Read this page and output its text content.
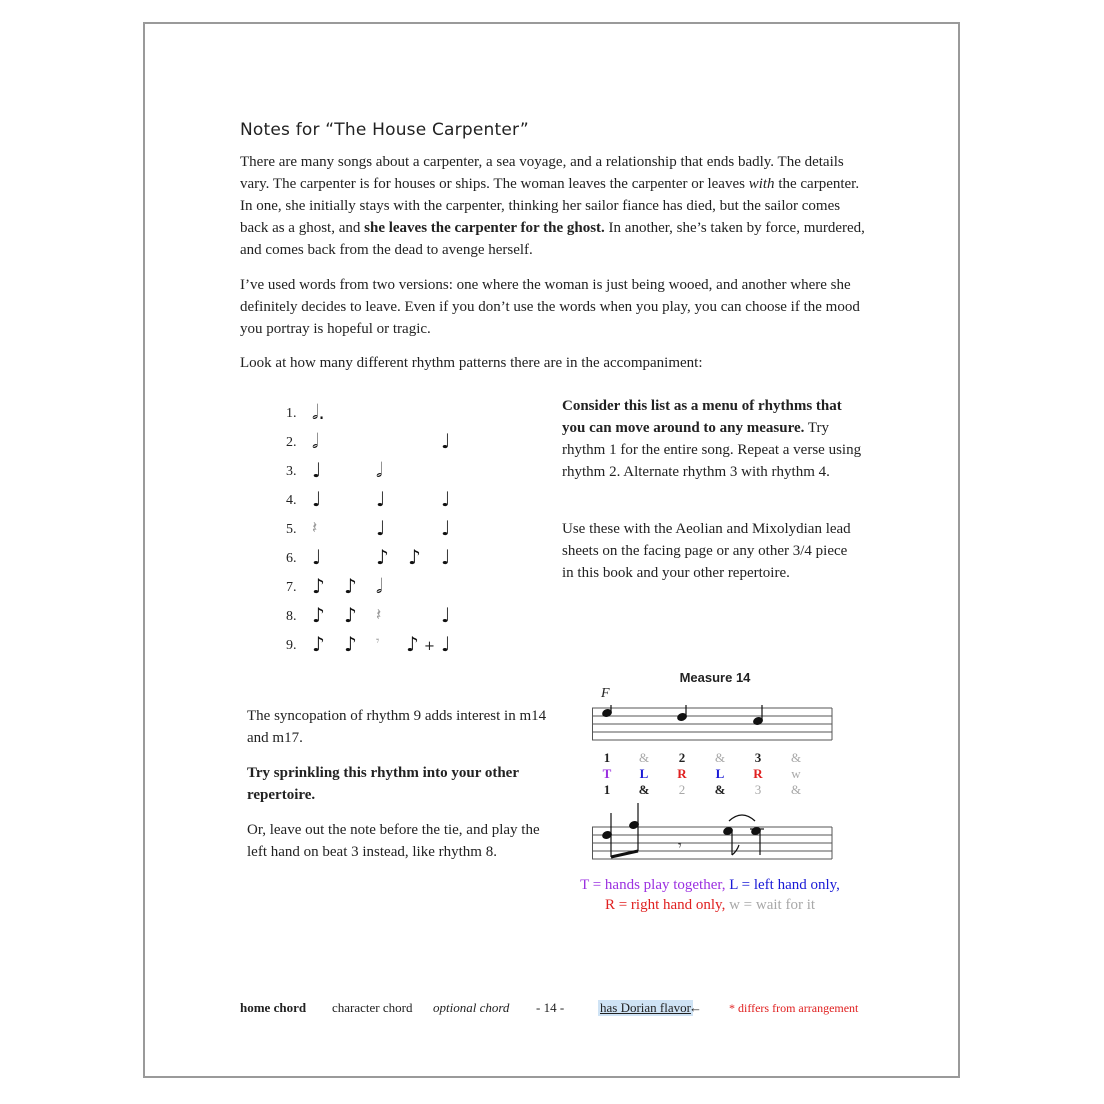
Notes for “The House Carpenter”

There are many songs about a carpenter, a sea voyage, and a relationship that ends badly. The details vary. The carpenter is for houses or ships. The woman leaves the carpenter or leaves with the carpenter. In one, she initially stays with the carpenter, thinking her sailor fiance has died, but the sailor comes back as a ghost, and she leaves the carpenter for the ghost. In another, she’s taken by force, murdered, and comes back from the dead to avenge herself.

I’ve used words from two versions: one where the woman is just being wooed, and another where she definitely decides to leave. Even if you don’t use the words when you play, you can choose if the mood you portray is hopeful or tragic.

Look at how many different rhythm patterns there are in the accompaniment:

1. 𝅗𝅥.
2. 𝅗𝅥	♩
3. ♩	𝅗𝅥
4. ♩	♩	♩
5. 𝄽	♩	♩
6. ♩	♪ ♪ ♩
7. ♪ ♪ 𝅗𝅥
8. ♪ ♪ 𝄽	♩
9. ♪ ♪ 𝄾 ♪ + ♩

Consider this list as a menu of rhythms that you can move around to any measure. Try rhythm 1 for the entire song. Repeat a verse using rhythm 2. Alternate rhythm 3 with rhythm 4.

Use these with the Aeolian and Mixolydian lead sheets on the facing page or any other 3/4 piece in this book and your other repertoire.

The syncopation of rhythm 9 adds interest in m14 and m17.

Try sprinkling this rhythm into your other repertoire.

Or, leave out the note before the tie, and play the left hand on beat 3 instead, like rhythm 8.

Measure 14
F
𝄾
1	&	2	&	3	&
T	L	R	L	R	w
1	&	2	&	3	&
T = hands play together, L = left hand only,
R = right hand only, w = wait for it
home chord character chord optional chord - 14 -	has Dorian flavor
← * differs from arrangement
